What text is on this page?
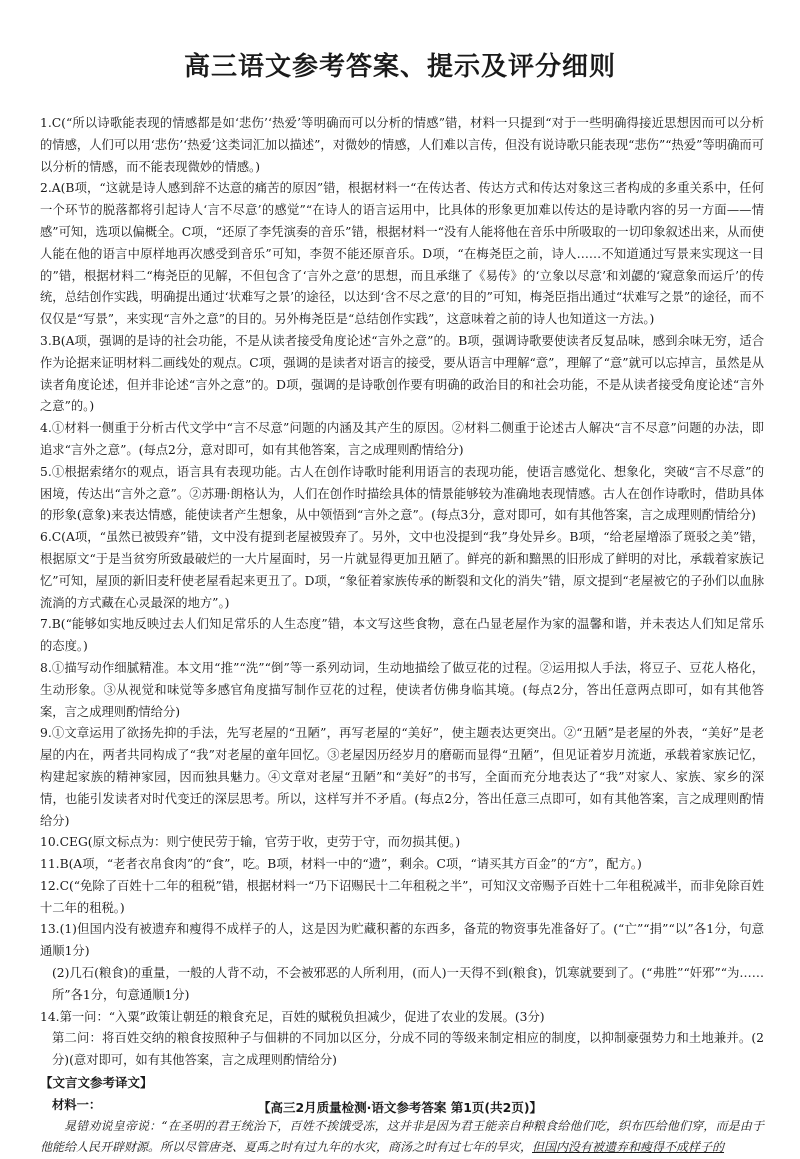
高三语文参考答案、提示及评分细则

1.C(“所以诗歌能表现的情感都是如‘悲伤’‘热爱’等明确而可以分析的情感”错，材料一只提到“对于一些明确得接近思想因而可以分析的情感，人们可以用‘悲伤’‘热爱’这类词汇加以描述”，对微妙的情感，人们难以言传，但没有说诗歌只能表现“悲伤”“热爱”等明确而可以分析的情感，而不能表现微妙的情感。)

2.A(B项，“这就是诗人感到辞不达意的痛苦的原因”错，根据材料一“在传达者、传达方式和传达对象这三者构成的多重关系中，任何一个环节的脱落都将引起诗人‘言不尽意’的感觉”“在诗人的语言运用中，比具体的形象更加难以传达的是诗歌内容的另一方面——情感”可知，选项以偏概全。C项，“还原了李凭演奏的音乐”错，根据材料一“没有人能将他在音乐中所吸取的一切印象叙述出来，从而使人能在他的语言中原样地再次感受到音乐”可知，李贺不能还原音乐。D项，“在梅尧臣之前，诗人……不知道通过写景来实现这一目的”错，根据材料二“梅尧臣的见解，不但包含了‘言外之意’的思想，而且承继了《易传》的‘立象以尽意’和刘勰的‘窥意象而运斤’的传统，总结创作实践，明确提出通过‘状难写之景’的途径，以达到‘含不尽之意’的目的”可知，梅尧臣指出通过“状难写之景”的途径，而不仅仅是“写景”，来实现“言外之意”的目的。另外梅尧臣是“总结创作实践”，这意味着之前的诗人也知道这一方法。)

3.B(A项，强调的是诗的社会功能，不是从读者接受角度论述“言外之意”的。B项，强调诗歌要使读者反复品味，感到余味无穷，适合作为论据来证明材料二画线处的观点。C项，强调的是读者对语言的接受，要从语言中理解“意”，理解了“意”就可以忘掉言，虽然是从读者角度论述，但并非论述“言外之意”的。D项，强调的是诗歌创作要有明确的政治目的和社会功能，不是从读者接受角度论述“言外之意”的。)

4.①材料一侧重于分析古代文学中“言不尽意”问题的内涵及其产生的原因。②材料二侧重于论述古人解决“言不尽意”问题的办法，即追求“言外之意”。(每点2分，意对即可，如有其他答案，言之成理则酌情给分)

5.①根据索绪尔的观点，语言具有表现功能。古人在创作诗歌时能利用语言的表现功能，使语言感觉化、想象化，突破“言不尽意”的困境，传达出“言外之意”。②苏珊·朗格认为，人们在创作时描绘具体的情景能够较为准确地表现情感。古人在创作诗歌时，借助具体的形象(意象)来表达情感，能使读者产生想象，从中领悟到“言外之意”。(每点3分，意对即可，如有其他答案，言之成理则酌情给分)

6.C(A项，“虽然已被毁弃”错，文中没有提到老屋被毁弃了。另外，文中也没提到“我”身处异乡。B项，“给老屋增添了斑驳之美”错，根据原文“于是当贫穷所致最破烂的一大片屋面时，另一片就显得更加丑陋了。鲜亮的新和黯黑的旧形成了鲜明的对比，承载着家族记忆”可知，屋顶的新旧麦秆使老屋看起来更丑了。D项，“象征着家族传承的断裂和文化的消失”错，原文提到“老屋被它的子孙们以血脉流淌的方式藏在心灵最深的地方”。)

7.B(“能够如实地反映过去人们知足常乐的人生态度”错，本文写这些食物，意在凸显老屋作为家的温馨和谐，并未表达人们知足常乐的态度。)

8.①描写动作细腻精准。本文用“推”“洗”“倒”等一系列动词，生动地描绘了做豆花的过程。②运用拟人手法，将豆子、豆花人格化，生动形象。③从视觉和味觉等多感官角度描写制作豆花的过程，使读者仿佛身临其境。(每点2分，答出任意两点即可，如有其他答案，言之成理则酌情给分)

9.①文章运用了欲扬先抑的手法，先写老屋的“丑陋”，再写老屋的“美好”，使主题表达更突出。②“丑陋”是老屋的外表，“美好”是老屋的内在，两者共同构成了“我”对老屋的童年回忆。③老屋因历经岁月的磨砺而显得“丑陋”，但见证着岁月流逝，承载着家族记忆，构建起家族的精神家园，因而独具魅力。④文章对老屋“丑陋”和“美好”的书写，全面而充分地表达了“我”对家人、家族、家乡的深情，也能引发读者对时代变迁的深层思考。所以，这样写并不矛盾。(每点2分，答出任意三点即可，如有其他答案，言之成理则酌情给分)

10.CEG(原文标点为：则宁使民劳于输，官劳于收，吏劳于守，而勿损其便。)

11.B(A项，“老者衣帛食肉”的“食”，吃。B项，材料一中的“遗”，剩余。C项，“请买其方百金”的“方”，配方。)

12.C(“免除了百姓十二年的租税”错，根据材料一“乃下诏赐民十二年租税之半”，可知汉文帝赐予百姓十二年租税减半，而非免除百姓十二年的租税。)

13.(1)但国内没有被遗弃和瘦得不成样子的人，这是因为贮藏积蓄的东西多，备荒的物资事先准备好了。(“亡”“捐”“以”各1分，句意通顺1分)

(2)几石(粮食)的重量，一般的人背不动，不会被邪恶的人所利用，(而人)一天得不到(粮食)，饥寒就要到了。(“弗胜”“奸邪”“为……所”各1分，句意通顺1分)

14.第一问：“入粟”政策让朝廷的粮食充足，百姓的赋税负担减少，促进了农业的发展。(3分)

第二问：将百姓交纳的粮食按照种子与佃耕的不同加以区分，分成不同的等级来制定相应的制度，以抑制豪强势力和土地兼并。(2分)(意对即可，如有其他答案，言之成理则酌情给分)

【文言文参考译文】

材料一：

晁错劝说皇帝说：“在圣明的君王统治下，百姓不挨饿受冻，这并非是因为君王能亲自种粮食给他们吃，织布匹给他们穿，而是由于他能给人民开辟财源。所以尽管唐尧、夏禹之时有过九年的水灾，商汤之时有过七年的旱灾，但国内没有被遗弃和瘦得不成样子的

【高三2月质量检测·语文参考答案 第1页(共2页)】
